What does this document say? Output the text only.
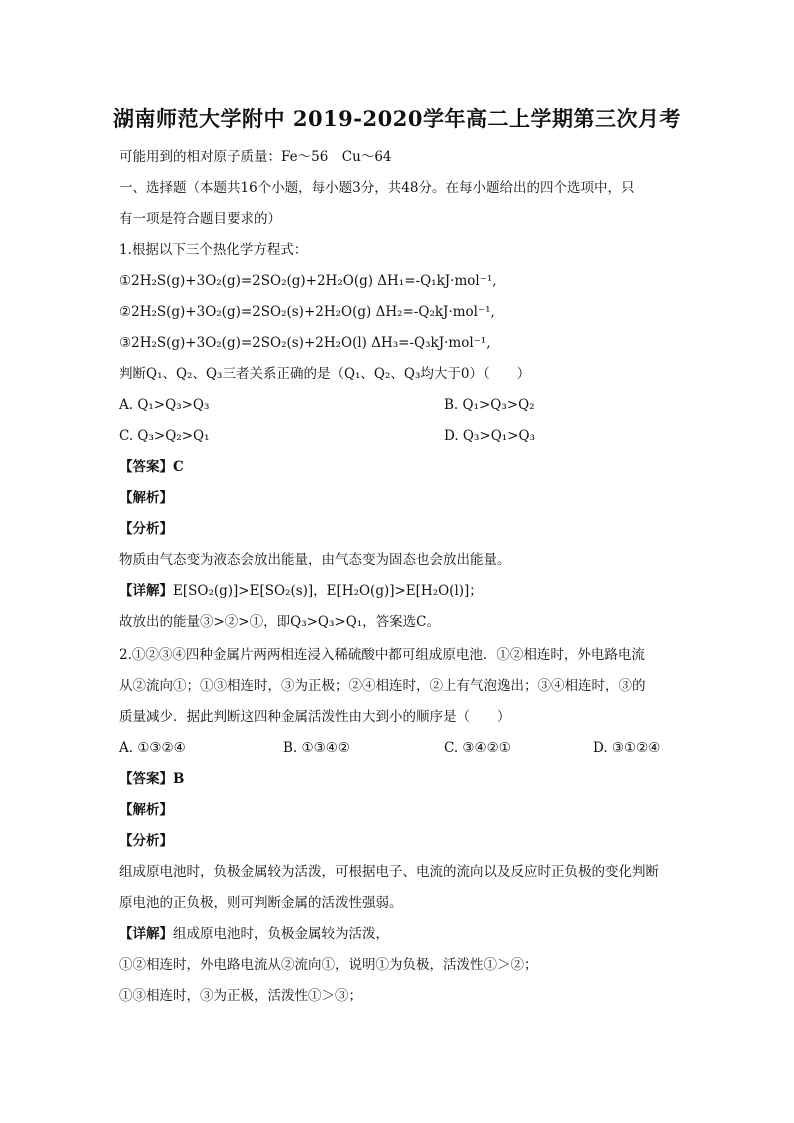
湖南师范大学附中 2019-2020学年高二上学期第三次月考
可能用到的相对原子质量：Fe～56　Cu～64
一、选择题（本题共16个小题，每小题3分，共48分。在每小题给出的四个选项中，只
有一项是符合题目要求的）
1.根据以下三个热化学方程式：
①2H₂S(g)+3O₂(g)=2SO₂(g)+2H₂O(g) ΔH₁=-Q₁kJ·mol⁻¹,
②2H₂S(g)+3O₂(g)=2SO₂(s)+2H₂O(g) ΔH₂=-Q₂kJ·mol⁻¹,
③2H₂S(g)+3O₂(g)=2SO₂(s)+2H₂O(l) ΔH₃=-Q₃kJ·mol⁻¹,
判断Q₁、Q₂、Q₃三者关系正确的是（Q₁、Q₂、Q₃均大于0）（　　）
A. Q₁>Q₃>Q₃	B. Q₁>Q₃>Q₂
C. Q₃>Q₂>Q₁	D. Q₃>Q₁>Q₃
【答案】C
【解析】
【分析】
物质由气态变为液态会放出能量，由气态变为固态也会放出能量。
【详解】E[SO₂(g)]>E[SO₂(s)]，E[H₂O(g)]>E[H₂O(l)]；
故放出的能量③>②>①，即Q₃>Q₃>Q₁，答案选C。
2.①②③④四种金属片两两相连浸入稀硫酸中都可组成原电池．①②相连时，外电路电流
从②流向①；①③相连时，③为正极；②④相连时，②上有气泡逸出；③④相连时，③的
质量减少．据此判断这四种金属活泼性由大到小的顺序是（　　）
A. ①③②④	B. ①③④②	C. ③④②①	D. ③①②④
【答案】B
【解析】
【分析】
组成原电池时，负极金属较为活泼，可根据电子、电流的流向以及反应时正负极的变化判断
原电池的正负极，则可判断金属的活泼性强弱。
【详解】组成原电池时，负极金属较为活泼，
①②相连时，外电路电流从②流向①，说明①为负极，活泼性①＞②；
①③相连时，③为正极，活泼性①＞③；
